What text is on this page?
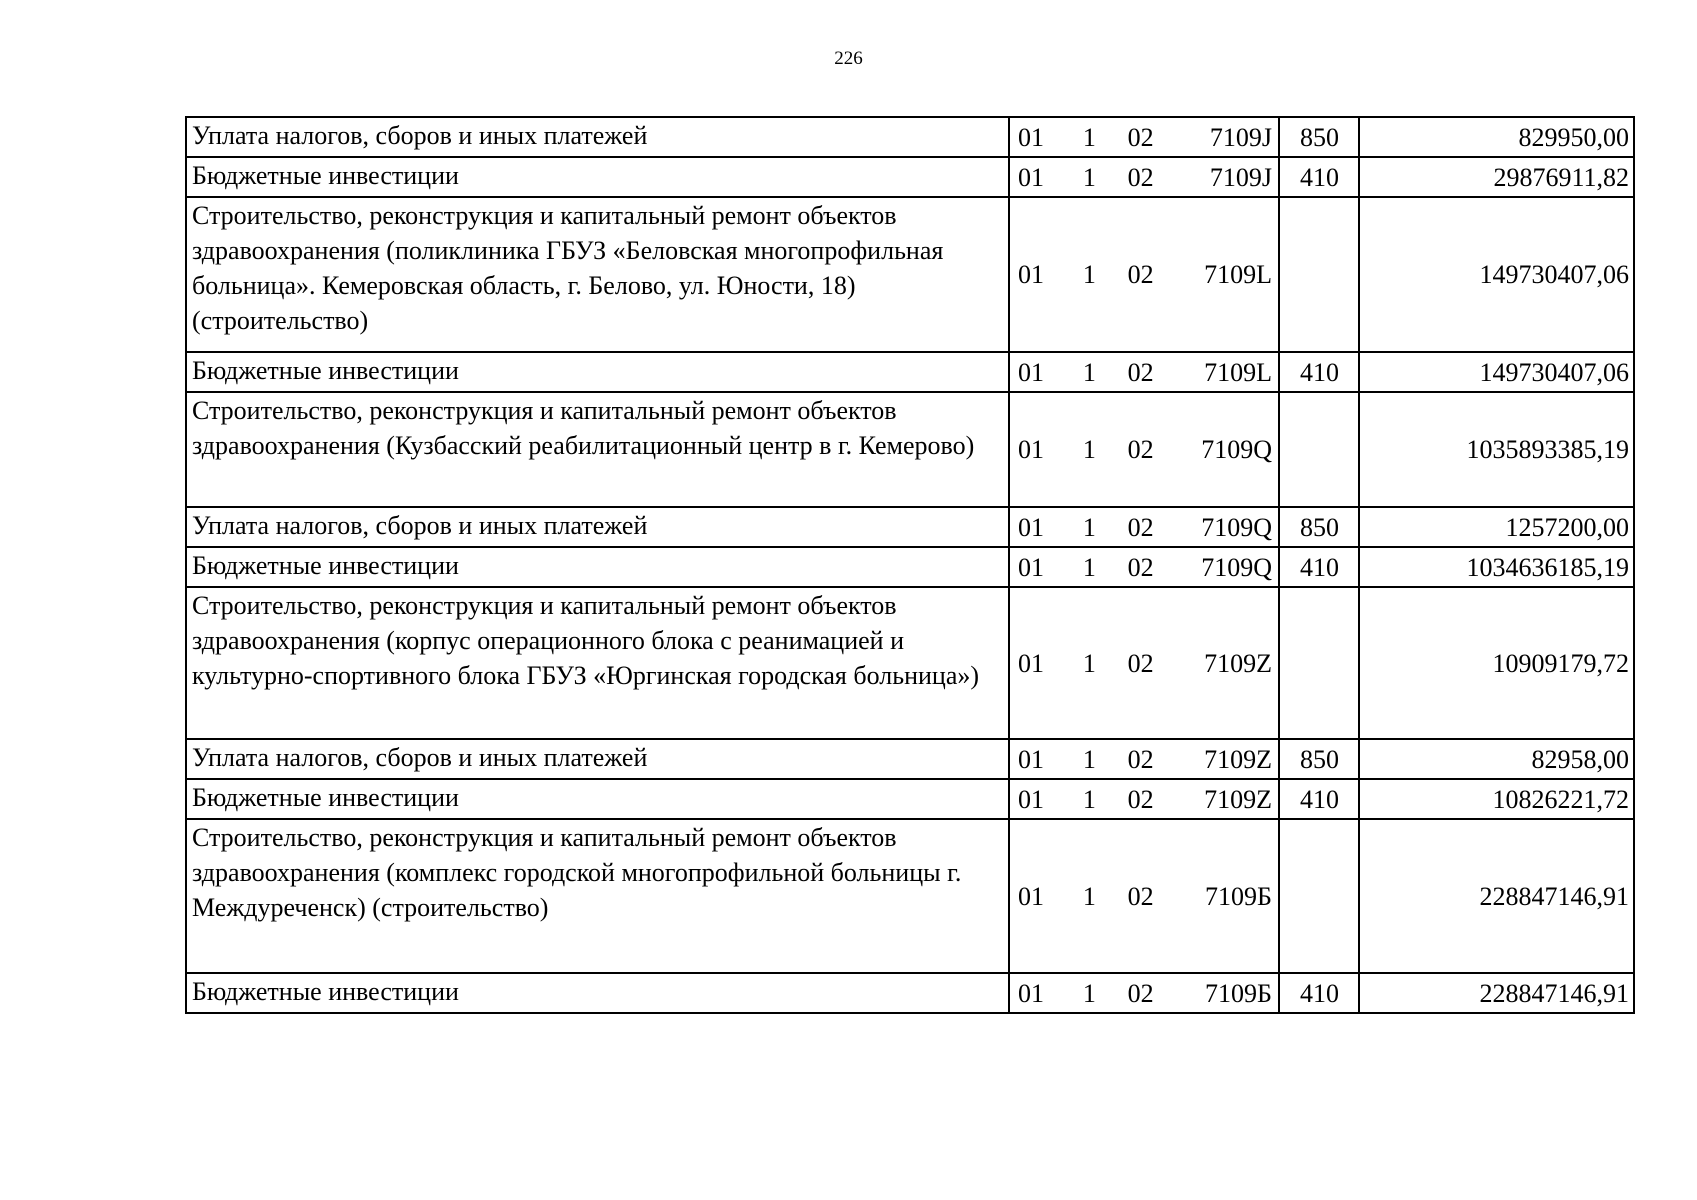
226
Уплата налогов, сборов и иных платежей	01 1 02 7109J	850	829950,00
Бюджетные инвестиции	01 1 02 7109J	410	29876911,82
Строительство, реконструкция и капитальный ремонт объектов здравоохранения (поликлиника ГБУЗ «Беловская многопрофильная больница». Кемеровская область, г. Белово, ул. Юности, 18) (строительство)	01 1 02 7109L		149730407,06
Бюджетные инвестиции	01 1 02 7109L	410	149730407,06
Строительство, реконструкция и капитальный ремонт объектов здравоохранения (Кузбасский реабилитационный центр в г. Кемерово)	01 1 02 7109Q		1035893385,19
Уплата налогов, сборов и иных платежей	01 1 02 7109Q	850	1257200,00
Бюджетные инвестиции	01 1 02 7109Q	410	1034636185,19
Строительство, реконструкция и капитальный ремонт объектов здравоохранения (корпус операционного блока с реанимацией и культурно-спортивного блока ГБУЗ «Юргинская городская больница»)	01 1 02 7109Z		10909179,72
Уплата налогов, сборов и иных платежей	01 1 02 7109Z	850	82958,00
Бюджетные инвестиции	01 1 02 7109Z	410	10826221,72
Строительство, реконструкция и капитальный ремонт объектов здравоохранения (комплекс городской многопрофильной больницы г. Междуреченск) (строительство)	01 1 02 7109Б		228847146,91
Бюджетные инвестиции	01 1 02 7109Б	410	228847146,91
